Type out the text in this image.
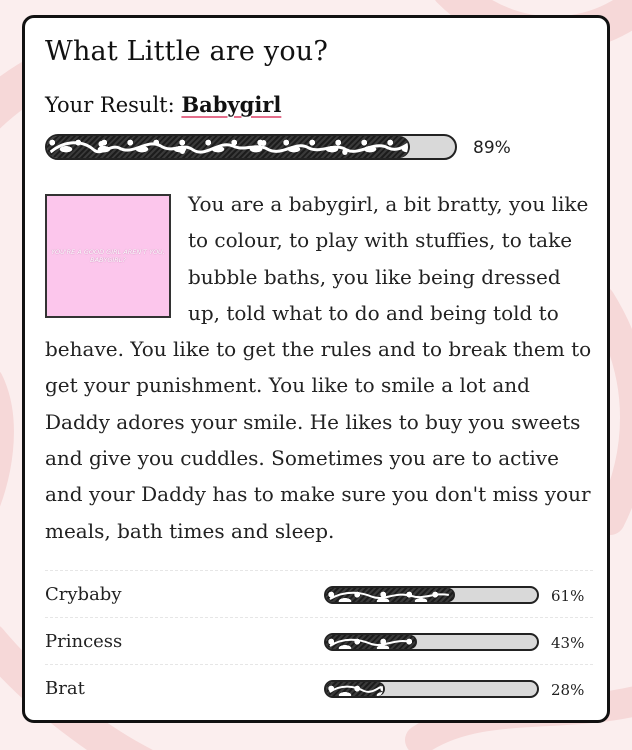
What Little are you?
Your Result: Babygirl
89%
YOU'RE A GOOD GIRL AREN'T YOU, BABYGIRL?
You are a babygirl, a bit bratty, you like to colour, to play with stuffies, to take bubble baths, you like being dressed up, told what to do and being told to behave. You like to get the rules and to break them to get your punishment. You like to smile a lot and Daddy adores your smile. He likes to buy you sweets and give you cuddles. Sometimes you are to active and your Daddy has to make sure you don't miss your meals, bath times and sleep.
Crybaby	61%
Princess	43%
Brat	28%
